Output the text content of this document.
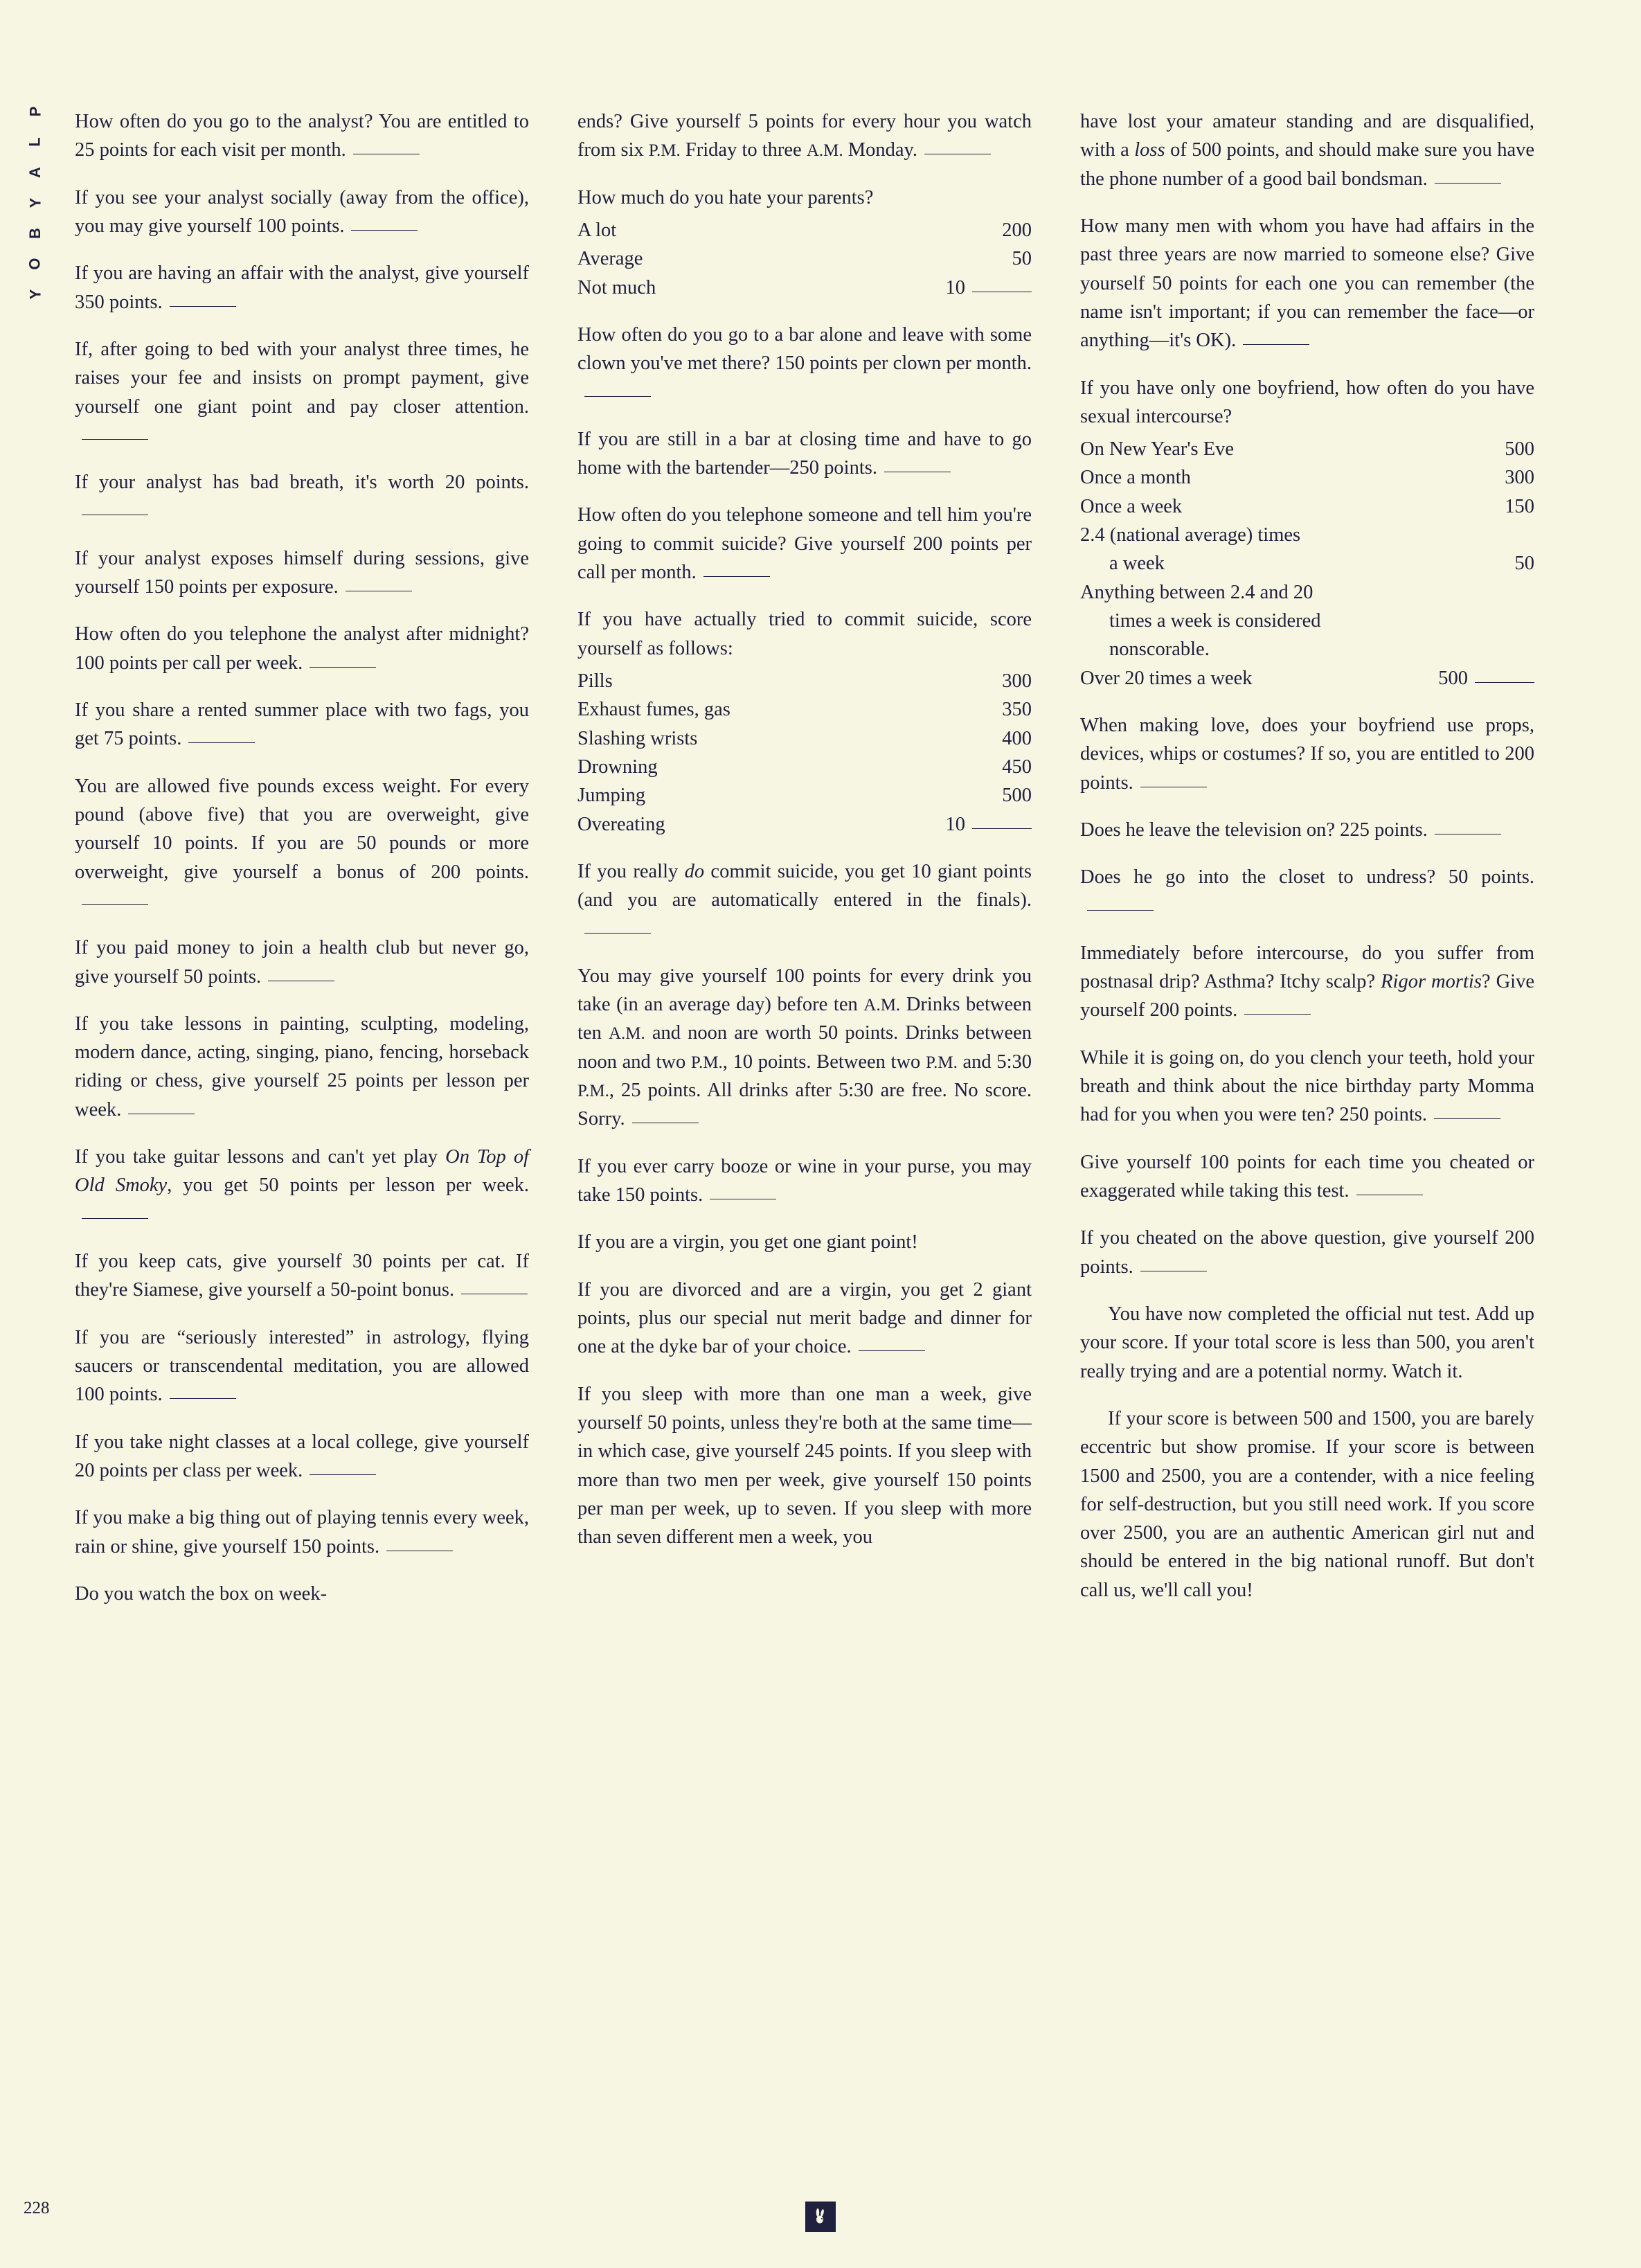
P
L
A
Y
B
O
Y
228

How often do you go to the analyst? You are entitled to 25 points for each visit per month.

If you see your analyst socially (away from the office), you may give yourself 100 points.

If you are having an affair with the analyst, give yourself 350 points.

If, after going to bed with your analyst three times, he raises your fee and insists on prompt payment, give yourself one giant point and pay closer attention.

If your analyst has bad breath, it's worth 20 points.

If your analyst exposes himself during sessions, give yourself 150 points per exposure.

How often do you telephone the analyst after midnight? 100 points per call per week.

If you share a rented summer place with two fags, you get 75 points.

You are allowed five pounds excess weight. For every pound (above five) that you are overweight, give yourself 10 points. If you are 50 pounds or more overweight, give yourself a bonus of 200 points.

If you paid money to join a health club but never go, give yourself 50 points.

If you take lessons in painting, sculpting, modeling, modern dance, acting, singing, piano, fencing, horseback riding or chess, give yourself 25 points per lesson per week.

If you take guitar lessons and can't yet play On Top of Old Smoky, you get 50 points per lesson per week.

If you keep cats, give yourself 30 points per cat. If they're Siamese, give yourself a 50-point bonus.

If you are “seriously interested” in astrology, flying saucers or transcendental meditation, you are allowed 100 points.

If you take night classes at a local college, give yourself 20 points per class per week.

If you make a big thing out of playing tennis every week, rain or shine, give yourself 150 points.

Do you watch the box on week-

ends? Give yourself 5 points for every hour you watch from six P.M. Friday to three A.M. Monday.

How much do you hate your parents?

A lot	200
Average	50
Not much	10

How often do you go to a bar alone and leave with some clown you've met there? 150 points per clown per month.

If you are still in a bar at closing time and have to go home with the bartender—250 points.

How often do you telephone someone and tell him you're going to commit suicide? Give yourself 200 points per call per month.

If you have actually tried to commit suicide, score yourself as follows:

Pills	300
Exhaust fumes, gas	350
Slashing wrists	400
Drowning	450
Jumping	500
Overeating	10

If you really do commit suicide, you get 10 giant points (and you are automatically entered in the finals).

You may give yourself 100 points for every drink you take (in an average day) before ten A.M. Drinks between ten A.M. and noon are worth 50 points. Drinks between noon and two P.M., 10 points. Between two P.M. and 5:30 P.M., 25 points. All drinks after 5:30 are free. No score. Sorry.

If you ever carry booze or wine in your purse, you may take 150 points.

If you are a virgin, you get one giant point!

If you are divorced and are a virgin, you get 2 giant points, plus our special nut merit badge and dinner for one at the dyke bar of your choice.

If you sleep with more than one man a week, give yourself 50 points, unless they're both at the same time—in which case, give yourself 245 points. If you sleep with more than two men per week, give yourself 150 points per man per week, up to seven. If you sleep with more than seven different men a week, you

have lost your amateur standing and are disqualified, with a loss of 500 points, and should make sure you have the phone number of a good bail bondsman.

How many men with whom you have had affairs in the past three years are now married to someone else? Give yourself 50 points for each one you can remember (the name isn't important; if you can remember the face—or anything—it's OK).

If you have only one boyfriend, how often do you have sexual intercourse?

On New Year's Eve	500
Once a month	300
Once a week	150
2.4 (national average) times
a week	50
Anything between 2.4 and 20
times a week is considered
nonscorable.
Over 20 times a week	500

When making love, does your boyfriend use props, devices, whips or costumes? If so, you are entitled to 200 points.

Does he leave the television on? 225 points.

Does he go into the closet to undress? 50 points.

Immediately before intercourse, do you suffer from postnasal drip? Asthma? Itchy scalp? Rigor mortis? Give yourself 200 points.

While it is going on, do you clench your teeth, hold your breath and think about the nice birthday party Momma had for you when you were ten? 250 points.

Give yourself 100 points for each time you cheated or exaggerated while taking this test.

If you cheated on the above question, give yourself 200 points.

You have now completed the official nut test. Add up your score. If your total score is less than 500, you aren't really trying and are a potential normy. Watch it.

If your score is between 500 and 1500, you are barely eccentric but show promise. If your score is between 1500 and 2500, you are a contender, with a nice feeling for self-destruction, but you still need work. If you score over 2500, you are an authentic American girl nut and should be entered in the big national runoff. But don't call us, we'll call you!
